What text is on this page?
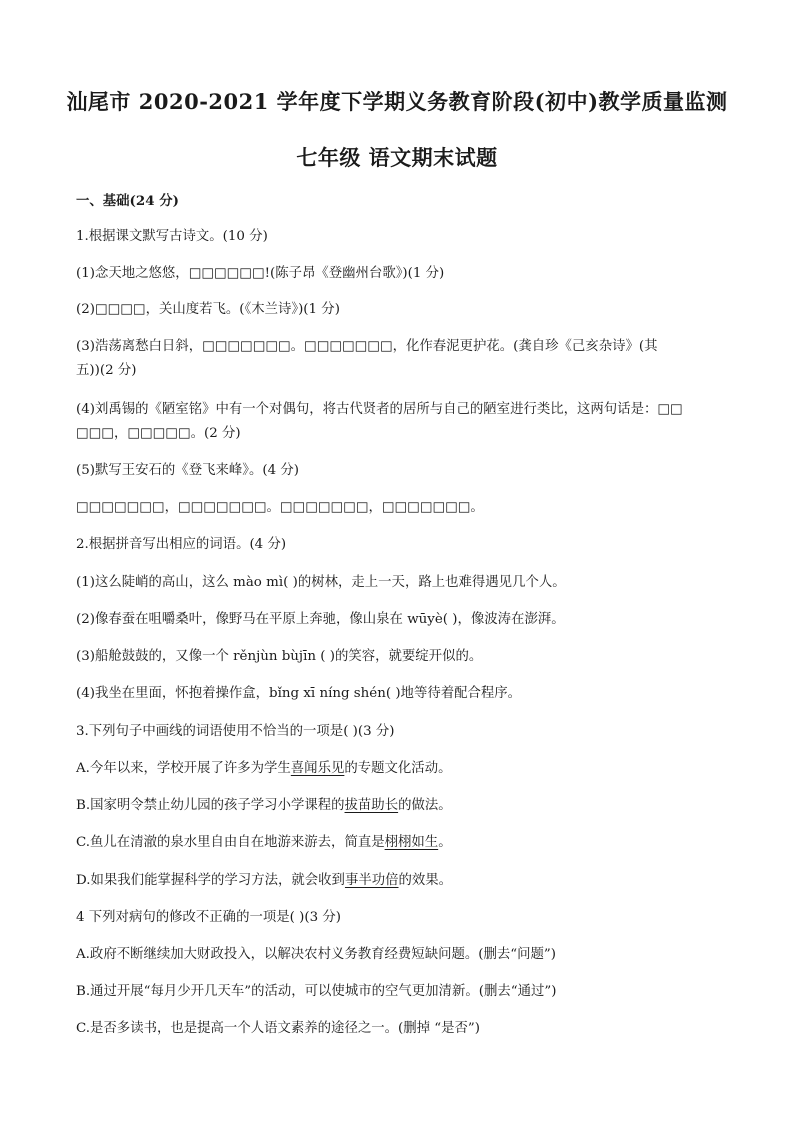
汕尾市 2020-2021 学年度下学期义务教育阶段(初中)教学质量监测
七年级 语文期末试题
一、基础(24 分)
1.根据课文默写古诗文。(10 分)
(1)念天地之悠悠，□□□□□□!(陈子昂《登幽州台歌》)(1 分)
(2)□□□□，关山度若飞。(《木兰诗》)(1 分)
(3)浩荡离愁白日斜，□□□□□□□。□□□□□□□，化作春泥更护花。(龚自珍《己亥杂诗》(其
五))(2 分)
(4)刘禹锡的《陋室铭》中有一个对偶句，将古代贤者的居所与自己的陋室进行类比，这两句话是：□□
□□□，□□□□□。(2 分)
(5)默写王安石的《登飞来峰》。(4 分)
□□□□□□□，□□□□□□□。□□□□□□□，□□□□□□□。
2.根据拼音写出相应的词语。(4 分)
(1)这么陡峭的高山，这么 mào mì( )的树林，走上一天，路上也难得遇见几个人。
(2)像春蚕在咀嚼桑叶，像野马在平原上奔驰，像山泉在 wūyè( )，像波涛在澎湃。
(3)船舱鼓鼓的，又像一个 rěnjùn bùjīn ( )的笑容，就要绽开似的。
(4)我坐在里面，怀抱着操作盒，bǐng xī níng shén( )地等待着配合程序。
3.下列句子中画线的词语使用不恰当的一项是( )(3 分)
A.今年以来，学校开展了许多为学生喜闻乐见的专题文化活动。
B.国家明令禁止幼儿园的孩子学习小学课程的拔苗助长的做法。
C.鱼儿在清澈的泉水里自由自在地游来游去，简直是栩栩如生。
D.如果我们能掌握科学的学习方法，就会收到事半功倍的效果。
4 下列对病句的修改不正确的一项是( )(3 分)
A.政府不断继续加大财政投入，以解决农村义务教育经费短缺问题。(删去“问题”)
B.通过开展“每月少开几天车”的活动，可以使城市的空气更加清新。(删去“通过”)
C.是否多读书，也是提高一个人语文素养的途径之一。(删掉 “是否”)
